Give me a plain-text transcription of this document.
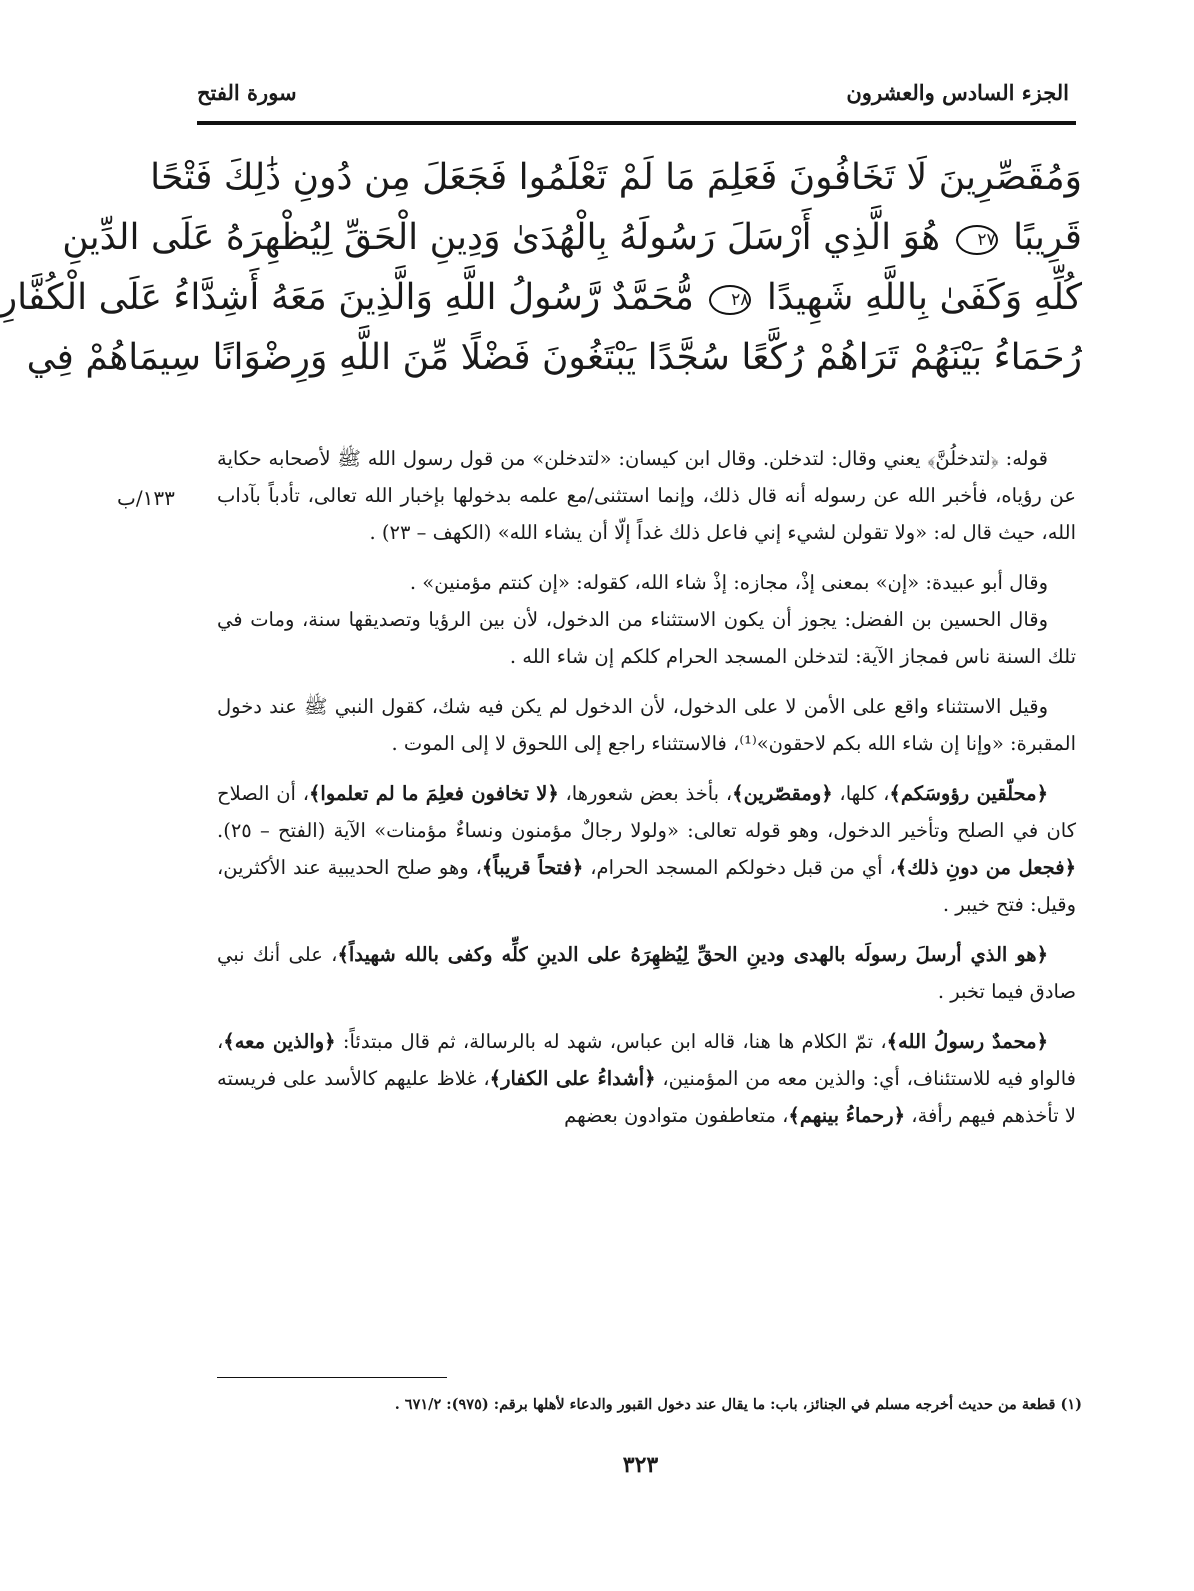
الجزء السادس والعشرون
سورة الفتح
وَمُقَصِّرِينَ لَا تَخَافُونَ فَعَلِمَ مَا لَمْ تَعْلَمُوا فَجَعَلَ مِن دُونِ ذَٰلِكَ فَتْحًا
قَرِيبًا ٢٧ هُوَ الَّذِي أَرْسَلَ رَسُولَهُ بِالْهُدَىٰ وَدِينِ الْحَقِّ لِيُظْهِرَهُ عَلَى الدِّينِ
كُلِّهِ وَكَفَىٰ بِاللَّهِ شَهِيدًا ٢٨ مُّحَمَّدٌ رَّسُولُ اللَّهِ وَالَّذِينَ مَعَهُ أَشِدَّاءُ عَلَى الْكُفَّارِ
رُحَمَاءُ بَيْنَهُمْ تَرَاهُمْ رُكَّعًا سُجَّدًا يَبْتَغُونَ فَضْلًا مِّنَ اللَّهِ وَرِضْوَانًا سِيمَاهُمْ فِي
١٣٣/ب

قوله: ﴿لتدخلُنَّ﴾ يعني وقال: لتدخلن. وقال ابن كيسان: «لتدخلن» من قول رسول الله ﷺ لأصحابه حكاية عن رؤياه، فأخبر الله عن رسوله أنه قال ذلك، وإنما استثنى/مع علمه بدخولها بإخبار الله تعالى، تأدباً بآداب الله، حيث قال له: «ولا تقولن لشيء إني فاعل ذلك غداً إلّا أن يشاء الله» (الكهف – ٢٣) .

وقال أبو عبيدة: «إن» بمعنى إذْ، مجازه: إذْ شاء الله، كقوله: «إن كنتم مؤمنين» .

وقال الحسين بن الفضل: يجوز أن يكون الاستثناء من الدخول، لأن بين الرؤيا وتصديقها سنة، ومات في تلك السنة ناس فمجاز الآية: لتدخلن المسجد الحرام كلكم إن شاء الله .

وقيل الاستثناء واقع على الأمن لا على الدخول، لأن الدخول لم يكن فيه شك، كقول النبي ﷺ عند دخول المقبرة: «وإنا إن شاء الله بكم لاحقون»⁽¹⁾، فالاستثناء راجع إلى اللحوق لا إلى الموت .

﴿محلّقين رؤوسَكم﴾، كلها، ﴿ومقصّرين﴾، بأخذ بعض شعورها، ﴿لا تخافون فعلِمَ ما لم تعلموا﴾، أن الصلاح كان في الصلح وتأخير الدخول، وهو قوله تعالى: «ولولا رجالٌ مؤمنون ونساءٌ مؤمنات» الآية (الفتح – ٢٥). ﴿فجعل من دونِ ذلك﴾، أي من قبل دخولكم المسجد الحرام، ﴿فتحاً قريباً﴾، وهو صلح الحديبية عند الأكثرين، وقيل: فتح خيبر .

﴿هو الذي أرسلَ رسولَه بالهدى ودينِ الحقِّ لِيُظهِرَهُ على الدينِ كلِّه وكفى بالله شهيداً﴾، على أنك نبي صادق فيما تخبر .

﴿محمدٌ رسولُ الله﴾، تمّ الكلام ها هنا، قاله ابن عباس، شهد له بالرسالة، ثم قال مبتدئاً: ﴿والذين معه﴾، فالواو فيه للاستئناف، أي: والذين معه من المؤمنين، ﴿أشداءُ على الكفار﴾، غلاظ عليهم كالأسد على فريسته لا تأخذهم فيهم رأفة، ﴿رحماءُ بينهم﴾، متعاطفون متوادون بعضهم

(١) قطعة من حديث أخرجه مسلم في الجنائز، باب: ما يقال عند دخول القبور والدعاء لأهلها برقم: (٩٧٥): ٦٧١/٢ .
٣٢٣
